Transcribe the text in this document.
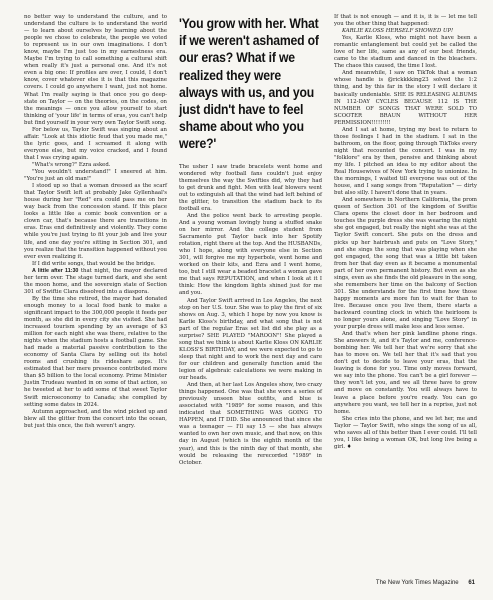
no better way to understand the culture, and to understand the culture is to understand the world — to learn about ourselves by learning about the people we chose to celebrate, the people we voted to represent us in our own imaginations. I don't know, maybe I'm just too in my earnestness era. Maybe I'm trying to call something a cultural shift when really it's just a personal one. And it's not even a big one: If profiles are over, I could, I don't know, cover whatever else it is that this magazine covers. I could go anywhere I want, just not home. What I'm really saying is that once you go deep-state on Taylor — on the theories, on the codes, on the meanings — once you allow yourself to start thinking of 'your life' in terms of eras, you can't help but find yourself in your very own Taylor Swift song.

For below us, Taylor Swift was singing about an affair. "Look at this idiotic feud that you made me," the lyric goes, and I screamed it along with everyone else, but my voice cracked, and I found that I was crying again.

"What's wrong?" Ezra asked.

"You wouldn't understand!" I sneered at him. "You're just an old man!"

I stood up so that a woman dressed as the scarf that Taylor Swift left at probably Jake Gyllenhaal's house during her "Red" era could pass me on her way back from the concession stand. If this place looks a little like a comic book convention or a clown car, that's because there are transitions in eras. Eras end definitively and violently. They come while you're just trying to fit your job and live your life, and one day you're sitting in Section 301, and you realize that the transition happened without you ever even realizing it.

If I did write songs, that would be the bridge.

A little after 11:30 that night, the mayor declared her term over. The stage turned dark, and she sent the moon home, and the sovereign state of Section 301 of Swiftie Clara dissolved into a diaspora.

By the time she retired, the mayor had donated enough money to a local food bank to make a significant impact to the 300,000 people it feeds per month, as she did in every city she visited. She had increased tourism spending by an average of $3 million for each night she was there, relative to the nights when the stadium hosts a football game. She had made a material passive contribution to the economy of Santa Clara by selling out its hotel rooms and crushing its rideshare apps. It's estimated that her mere presence contributed more than $5 billion to the local economy. Prime Minister Justin Trudeau wanted in on some of that action, so he tweeted at her to add some of that sweet Taylor Swift microeconomy to Canada; she complied by setting some dates in 2024.

Autumn approached, and the wind picked up and blew all the glitter from the concert into the ocean, but just this once, the fish weren't angry.

'You grow with her. What if we weren't ashamed of our eras? What if we realized they were always with us, and you just didn't have to feel shame about who you were?'

The usher I saw trade bracelets went home and wondered why football fans couldn't just enjoy themselves the way the Swifties did, why they had to get drunk and fight. Men with leaf blowers went out to extinguish all that the wind had left behind of the glitter, to transition the stadium back to its football era.

And the police went back to arresting people. And a young woman lovingly hung a stuffed snake on her mirror. And the college student from Sacramento put Taylor back into her Spotify rotation, right there at the top. And the HUSBANDs, who I hope, along with everyone else in Section 301, will forgive me my hyperbole, went home and worked on their kits, and Ezra and I went home, too, but I still wear a beaded bracelet a woman gave me that says REPUTATION, and when I look at it I think: How the kingdom lights shined just for me and you.

And Taylor Swift arrived in Los Angeles, the next stop on her U.S. tour. She was to play the first of six shows on Aug. 3, which I hope by now you know is Karlie Kloss's birthday, and what song that is not part of the regular Eras set list did she play as a surprise? SHE PLAYED "MAROON"! She played a song that we think is about Karlie Kloss ON KARLIE KLOSS'S BIRTHDAY, and we were expected to go to sleep that night and to work the next day and care for our children and generally function amid the legion of algebraic calculations we were making in our heads.

And then, at her last Los Angeles show, two crazy things happened. One was that she wore a series of previously unseen blue outfits, and blue is associated with "1989" for some reason, and this indicated that SOMETHING WAS GOING TO HAPPEN, and IT DID. She announced that since she was a teenager — I'll say 15 — she has always wanted to own her own music, and that now, on this day in August (which is the eighth month of the year), and this is the ninth day of that month, she would be releasing the rerecorded "1989" in October.

If that is not enough — and it is, it is — let me tell you the other thing that happened:

KARLIE KLOSS HERSELF SHOWED UP!

Yes, Karlie Kloss, who might not have been a romantic entanglement but could yet be called the love of her life, same as any of our best friends, came to the stadium and danced in the bleachers. The chaos this caused, the time I lost.

And meanwhile, I saw on TikTok that a woman whose handle is @rickkkking23 solved the 1:2 thing, and by this far in the story I will declare it basically undeniable. SHE IS RELEASING ALBUMS IN 112-DAY CYCLES BECAUSE 112 IS THE NUMBER OF SONGS THAT WERE SOLD TO SCOOTER BRAUN WITHOUT HER PERMISSION!!!!!!!!!

And I sat at home, trying my best to return to those feelings I had in the stadium. I sat in the bathroom, on the floor, going through TikToks every night that recounted the concert. I was in my "folklore" era by then, pensive and thinking about my life. I pitched an idea to my editor about the Real Housewives of New York trying to unionize. In the mornings, I waited till everyone was out of the house, and I sang songs from "Reputation" — dirty but also silly. I haven't done that in years.

And somewhere in Northern California, the prom queen of Section 301 of the kingdom of Swiftie Clara opens the closet door in her bedroom and touches the purple dress she was wearing the night she got engaged, but really the night she was at the Taylor Swift concert. She puts on the dress and picks up her hairbrush and puts on "Love Story," and she sings the song that was playing when she got engaged, the song that was a little bit taken from her that day even as it became a monumental part of her own permanent history. But even as she sings, even as she finds the old pleasure in the song, she remembers her time on the balcony of Section 301. She understands for the first time how those happy moments are more fun to wait for than to live. Because once you live them, there starts a backward counting clock in which the heirloom is no longer yours alone, and singing "Love Story" in your purple dress will make less and less sense.

And that's when her pink landline phone rings. She answers it, and it's Taylor and me, conference-bombing her. We tell her that we're sorry that she has to move on. We tell her that it's sad that you don't get to decide to leave your eras, that the leaving is done for you. Time only moves forward, we say into the phone. You can't be a girl forever — they won't let you, and we all three have to grow and move on constantly. You will always have to leave a place before you're ready. You can go anywhere you want, we tell her in a reprise, just not home.

She cries into the phone, and we let her, me and Taylor — Taylor Swift, who sings the song of us all, who saves all of this better than I ever could. I'll tell you, I like being a woman OK, but long live being a girl. ♦

The New York Times Magazine 61
